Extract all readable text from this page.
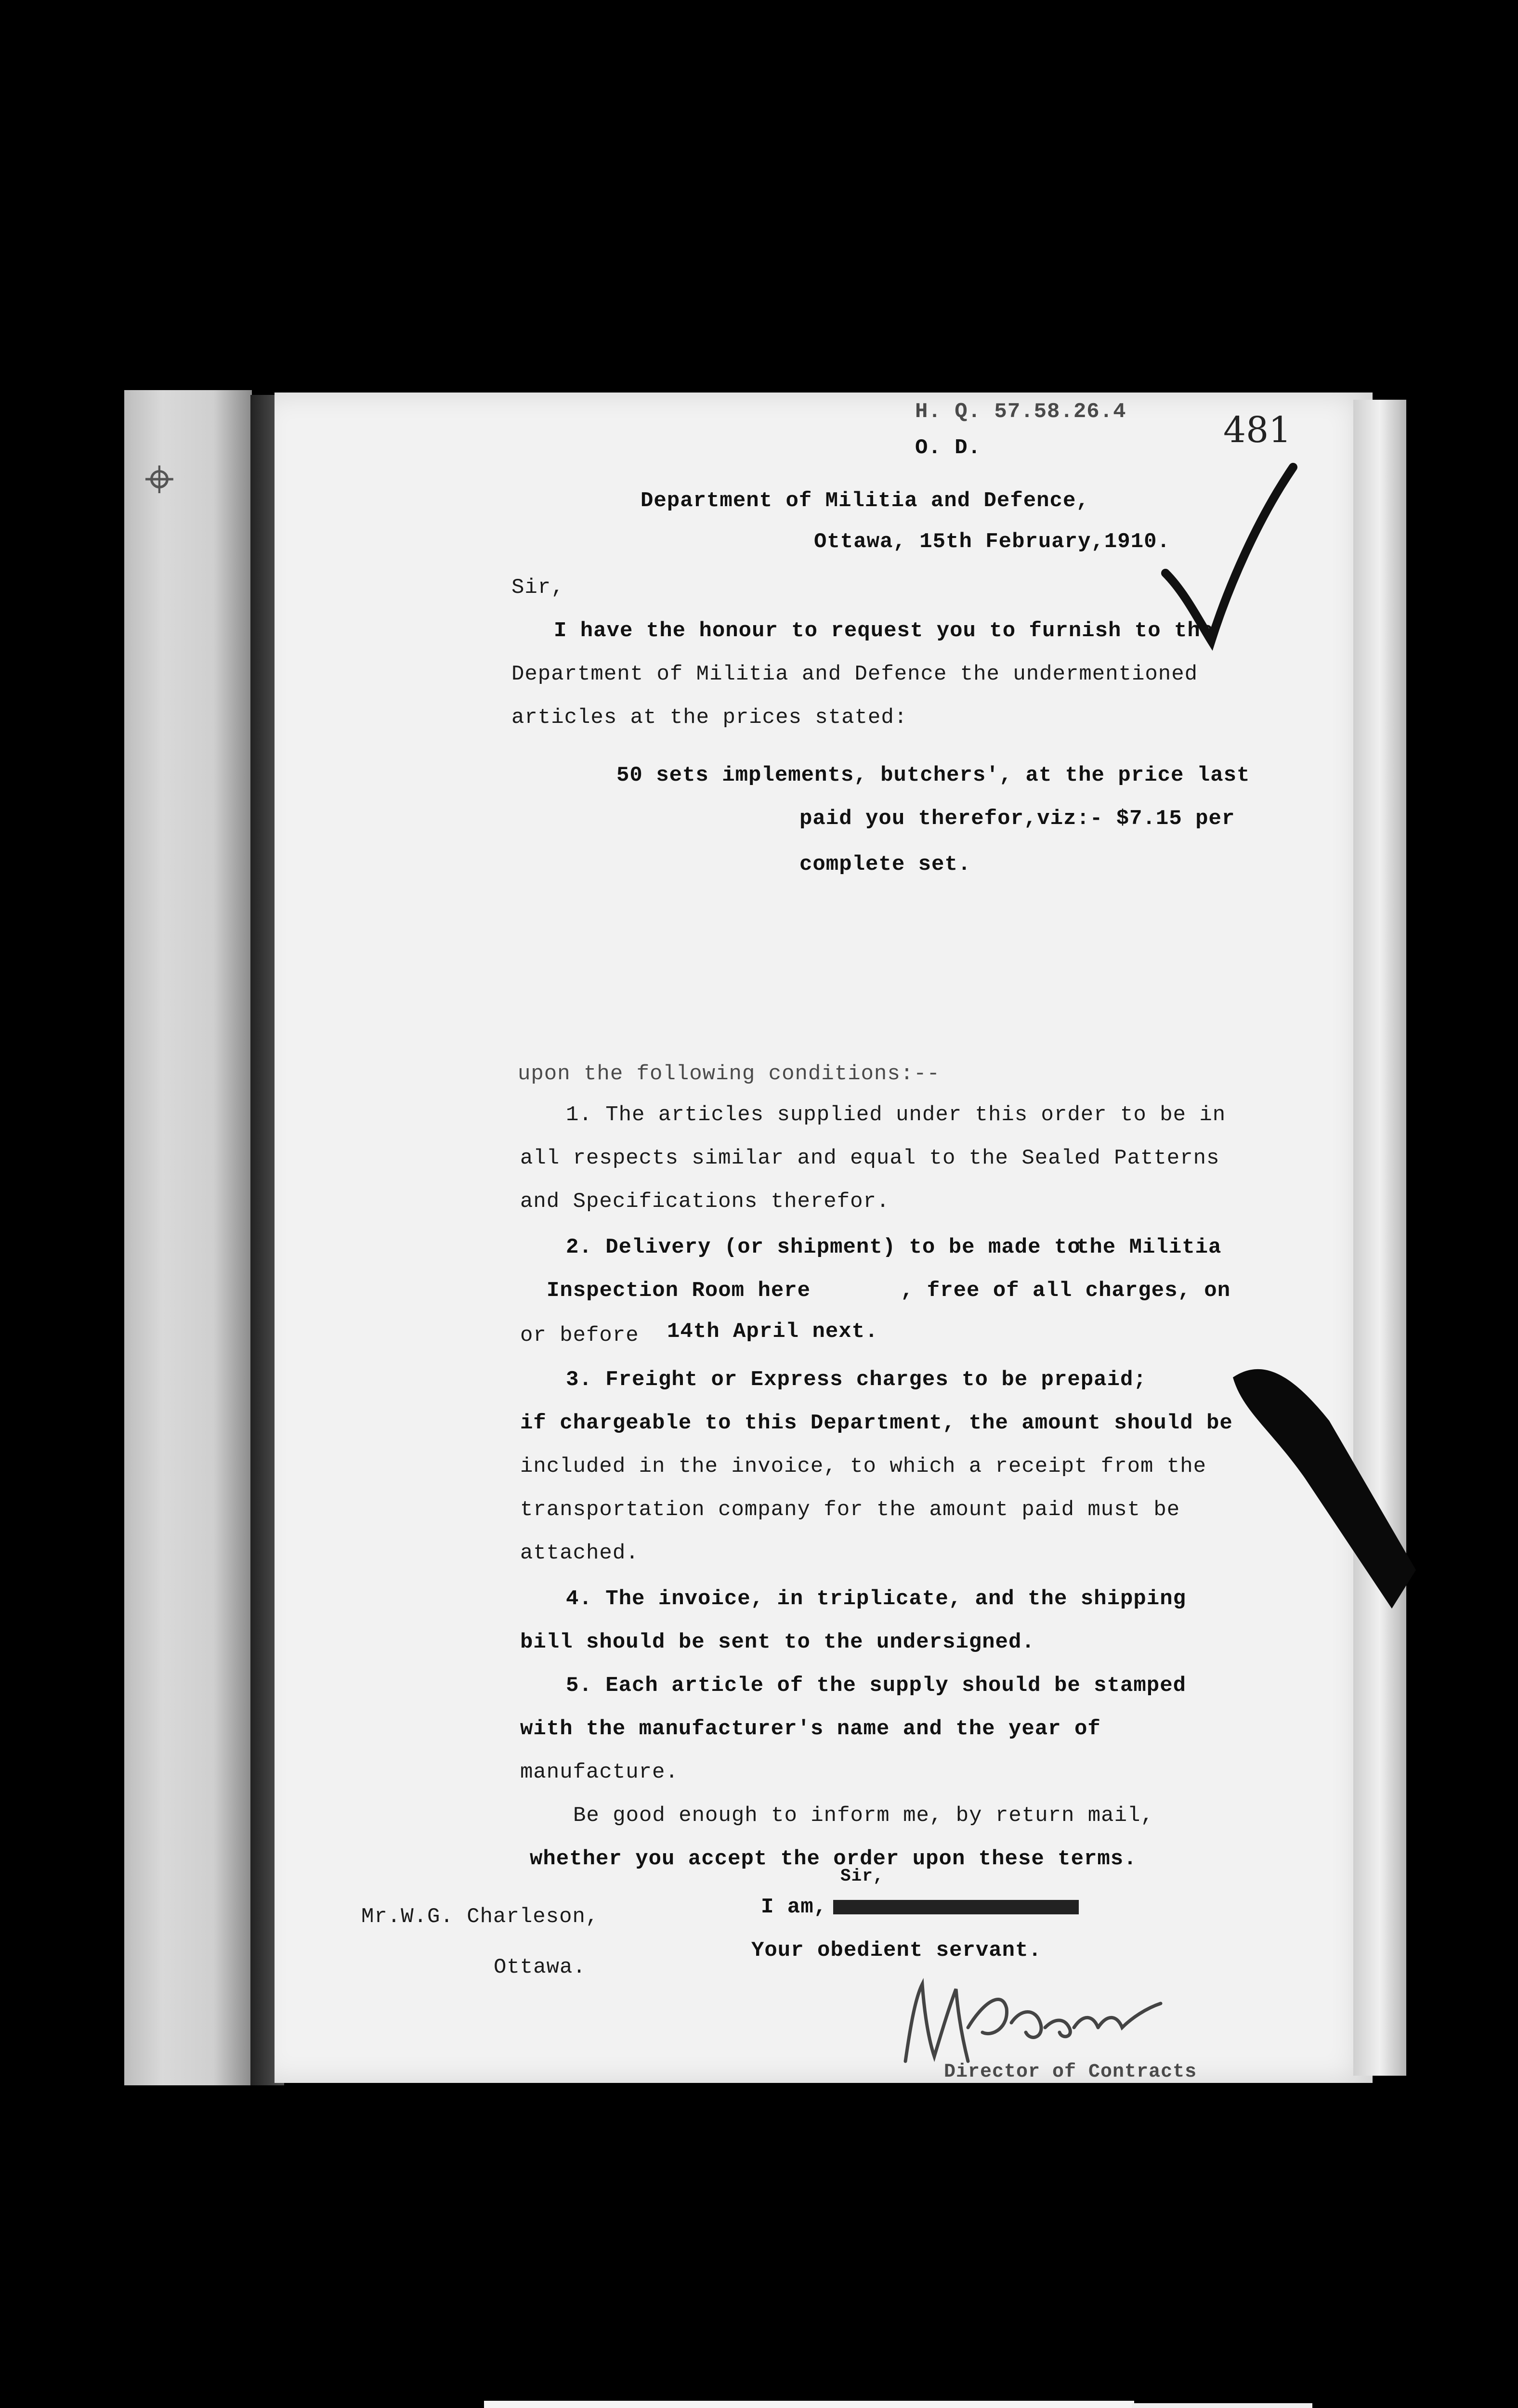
⌖
H. Q. 57.58.26.4
O. D.	481
Department of Militia and Defence,
Ottawa, 15th February,1910.
Sir,
I have the honour to request you to furnish to the
Department of Militia and Defence the undermentioned
articles at the prices stated:
50 sets implements, butchers', at the price last
paid you therefor,viz:- $7.15 per
complete set.
upon the following conditions:--
1. The articles supplied under this order to be in
all respects similar and equal to the Sealed Patterns
and Specifications therefor.
2. Delivery (or shipment) to be made to
the Militia
Inspection Room here	, free of all charges, on
or before 14th April next.
3. Freight or Express charges to be prepaid;
if chargeable to this Department, the amount should be
included in the invoice, to which a receipt from the
transportation company for the amount paid must be
attached.
4. The invoice, in triplicate, and the shipping
bill should be sent to the undersigned.
5. Each article of the supply should be stamped
with the manufacturer's name and the year of
manufacture.
Be good enough to inform me, by return mail,
whether you accept the order upon these terms.
Mr.W.G. Charleson,
Ottawa.
Sir,
I am,
Your obedient servant.
Director of Contracts
